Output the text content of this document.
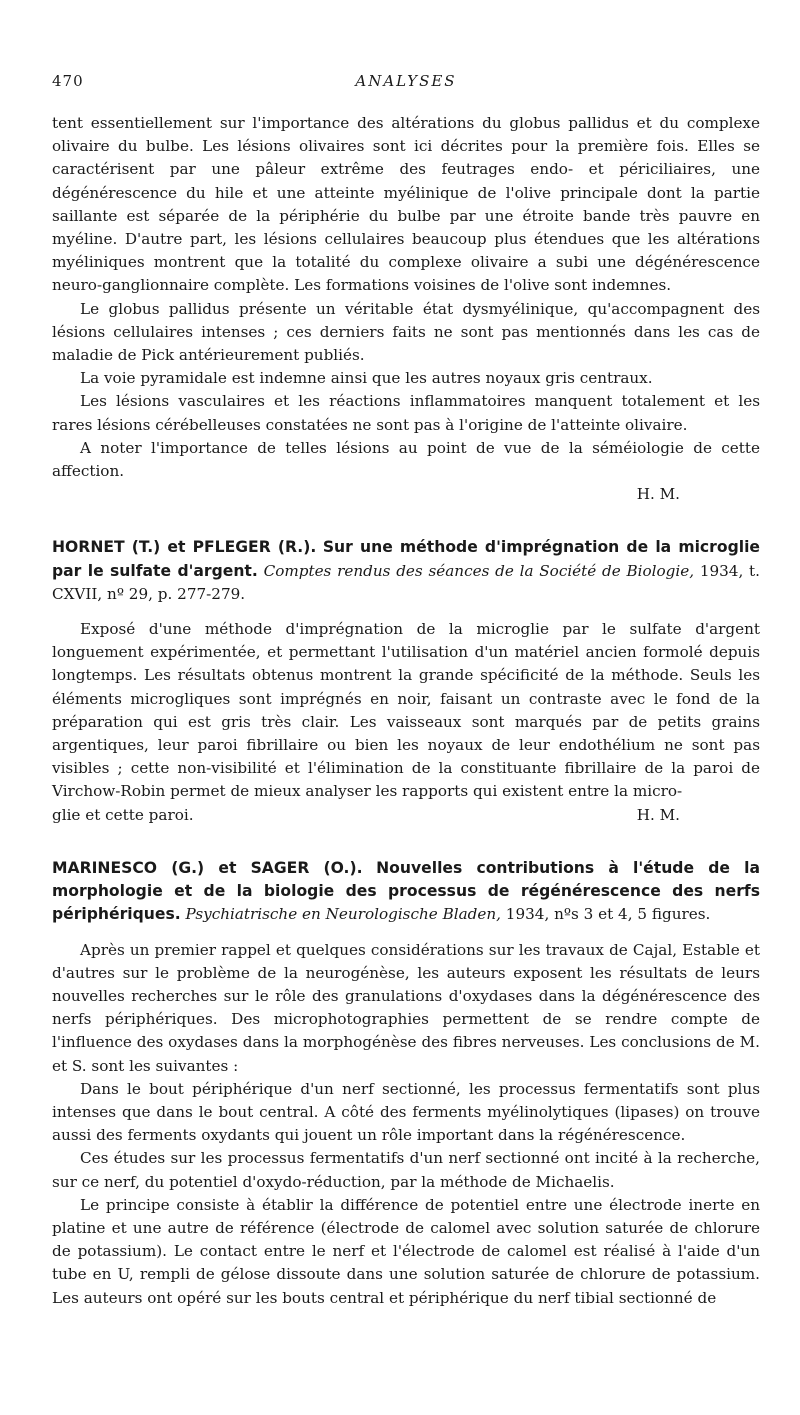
470	ANALYSES

tent essentiellement sur l'importance des altérations du globus pallidus et du complexe olivaire du bulbe. Les lésions olivaires sont ici décrites pour la première fois. Elles se caractérisent par une pâleur extrême des feutrages endo- et périciliaires, une dégénérescence du hile et une atteinte myélinique de l'olive principale dont la partie saillante est séparée de la périphérie du bulbe par une étroite bande très pauvre en myéline. D'autre part, les lésions cellulaires beaucoup plus étendues que les altérations myéliniques montrent que la totalité du complexe olivaire a subi une dégénérescence neuro-ganglionnaire complète. Les formations voisines de l'olive sont indemnes.

Le globus pallidus présente un véritable état dysmyélinique, qu'accompagnent des lésions cellulaires intenses ; ces derniers faits ne sont pas mentionnés dans les cas de maladie de Pick antérieurement publiés.

La voie pyramidale est indemne ainsi que les autres noyaux gris centraux.

Les lésions vasculaires et les réactions inflammatoires manquent totalement et les rares lésions cérébelleuses constatées ne sont pas à l'origine de l'atteinte olivaire.

A noter l'importance de telles lésions au point de vue de la séméiologie de cette affection.

H. M.

HORNET (T.) et PFLEGER (R.). Sur une méthode d'imprégnation de la microglie par le sulfate d'argent. Comptes rendus des séances de la Société de Biologie, 1934, t. CXVII, nº 29, p. 277-279.

Exposé d'une méthode d'imprégnation de la microglie par le sulfate d'argent longuement expérimentée, et permettant l'utilisation d'un matériel ancien formolé depuis longtemps. Les résultats obtenus montrent la grande spécificité de la méthode. Seuls les éléments microgliques sont imprégnés en noir, faisant un contraste avec le fond de la préparation qui est gris très clair. Les vaisseaux sont marqués par de petits grains argentiques, leur paroi fibrillaire ou bien les noyaux de leur endothélium ne sont pas visibles ; cette non-visibilité et l'élimination de la constituante fibrillaire de la paroi de Virchow-Robin permet de mieux analyser les rapports qui existent entre la micro-

glie et cette paroi.	H. M.

MARINESCO (G.) et SAGER (O.). Nouvelles contributions à l'étude de la morphologie et de la biologie des processus de régénérescence des nerfs périphériques. Psychiatrische en Neurologische Bladen, 1934, nºs 3 et 4, 5 figures.

Après un premier rappel et quelques considérations sur les travaux de Cajal, Estable et d'autres sur le problème de la neurogénèse, les auteurs exposent les résultats de leurs nouvelles recherches sur le rôle des granulations d'oxydases dans la dégénérescence des nerfs périphériques. Des microphotographies permettent de se rendre compte de l'influence des oxydases dans la morphogénèse des fibres nerveuses. Les conclusions de M. et S. sont les suivantes :

Dans le bout périphérique d'un nerf sectionné, les processus fermentatifs sont plus intenses que dans le bout central. A côté des ferments myélinolytiques (lipases) on trouve aussi des ferments oxydants qui jouent un rôle important dans la régénérescence.

Ces études sur les processus fermentatifs d'un nerf sectionné ont incité à la recherche, sur ce nerf, du potentiel d'oxydo-réduction, par la méthode de Michaelis.

Le principe consiste à établir la différence de potentiel entre une électrode inerte en platine et une autre de référence (électrode de calomel avec solution saturée de chlorure de potassium). Le contact entre le nerf et l'électrode de calomel est réalisé à l'aide d'un tube en U, rempli de gélose dissoute dans une solution saturée de chlorure de potassium. Les auteurs ont opéré sur les bouts central et périphérique du nerf tibial sectionné de
